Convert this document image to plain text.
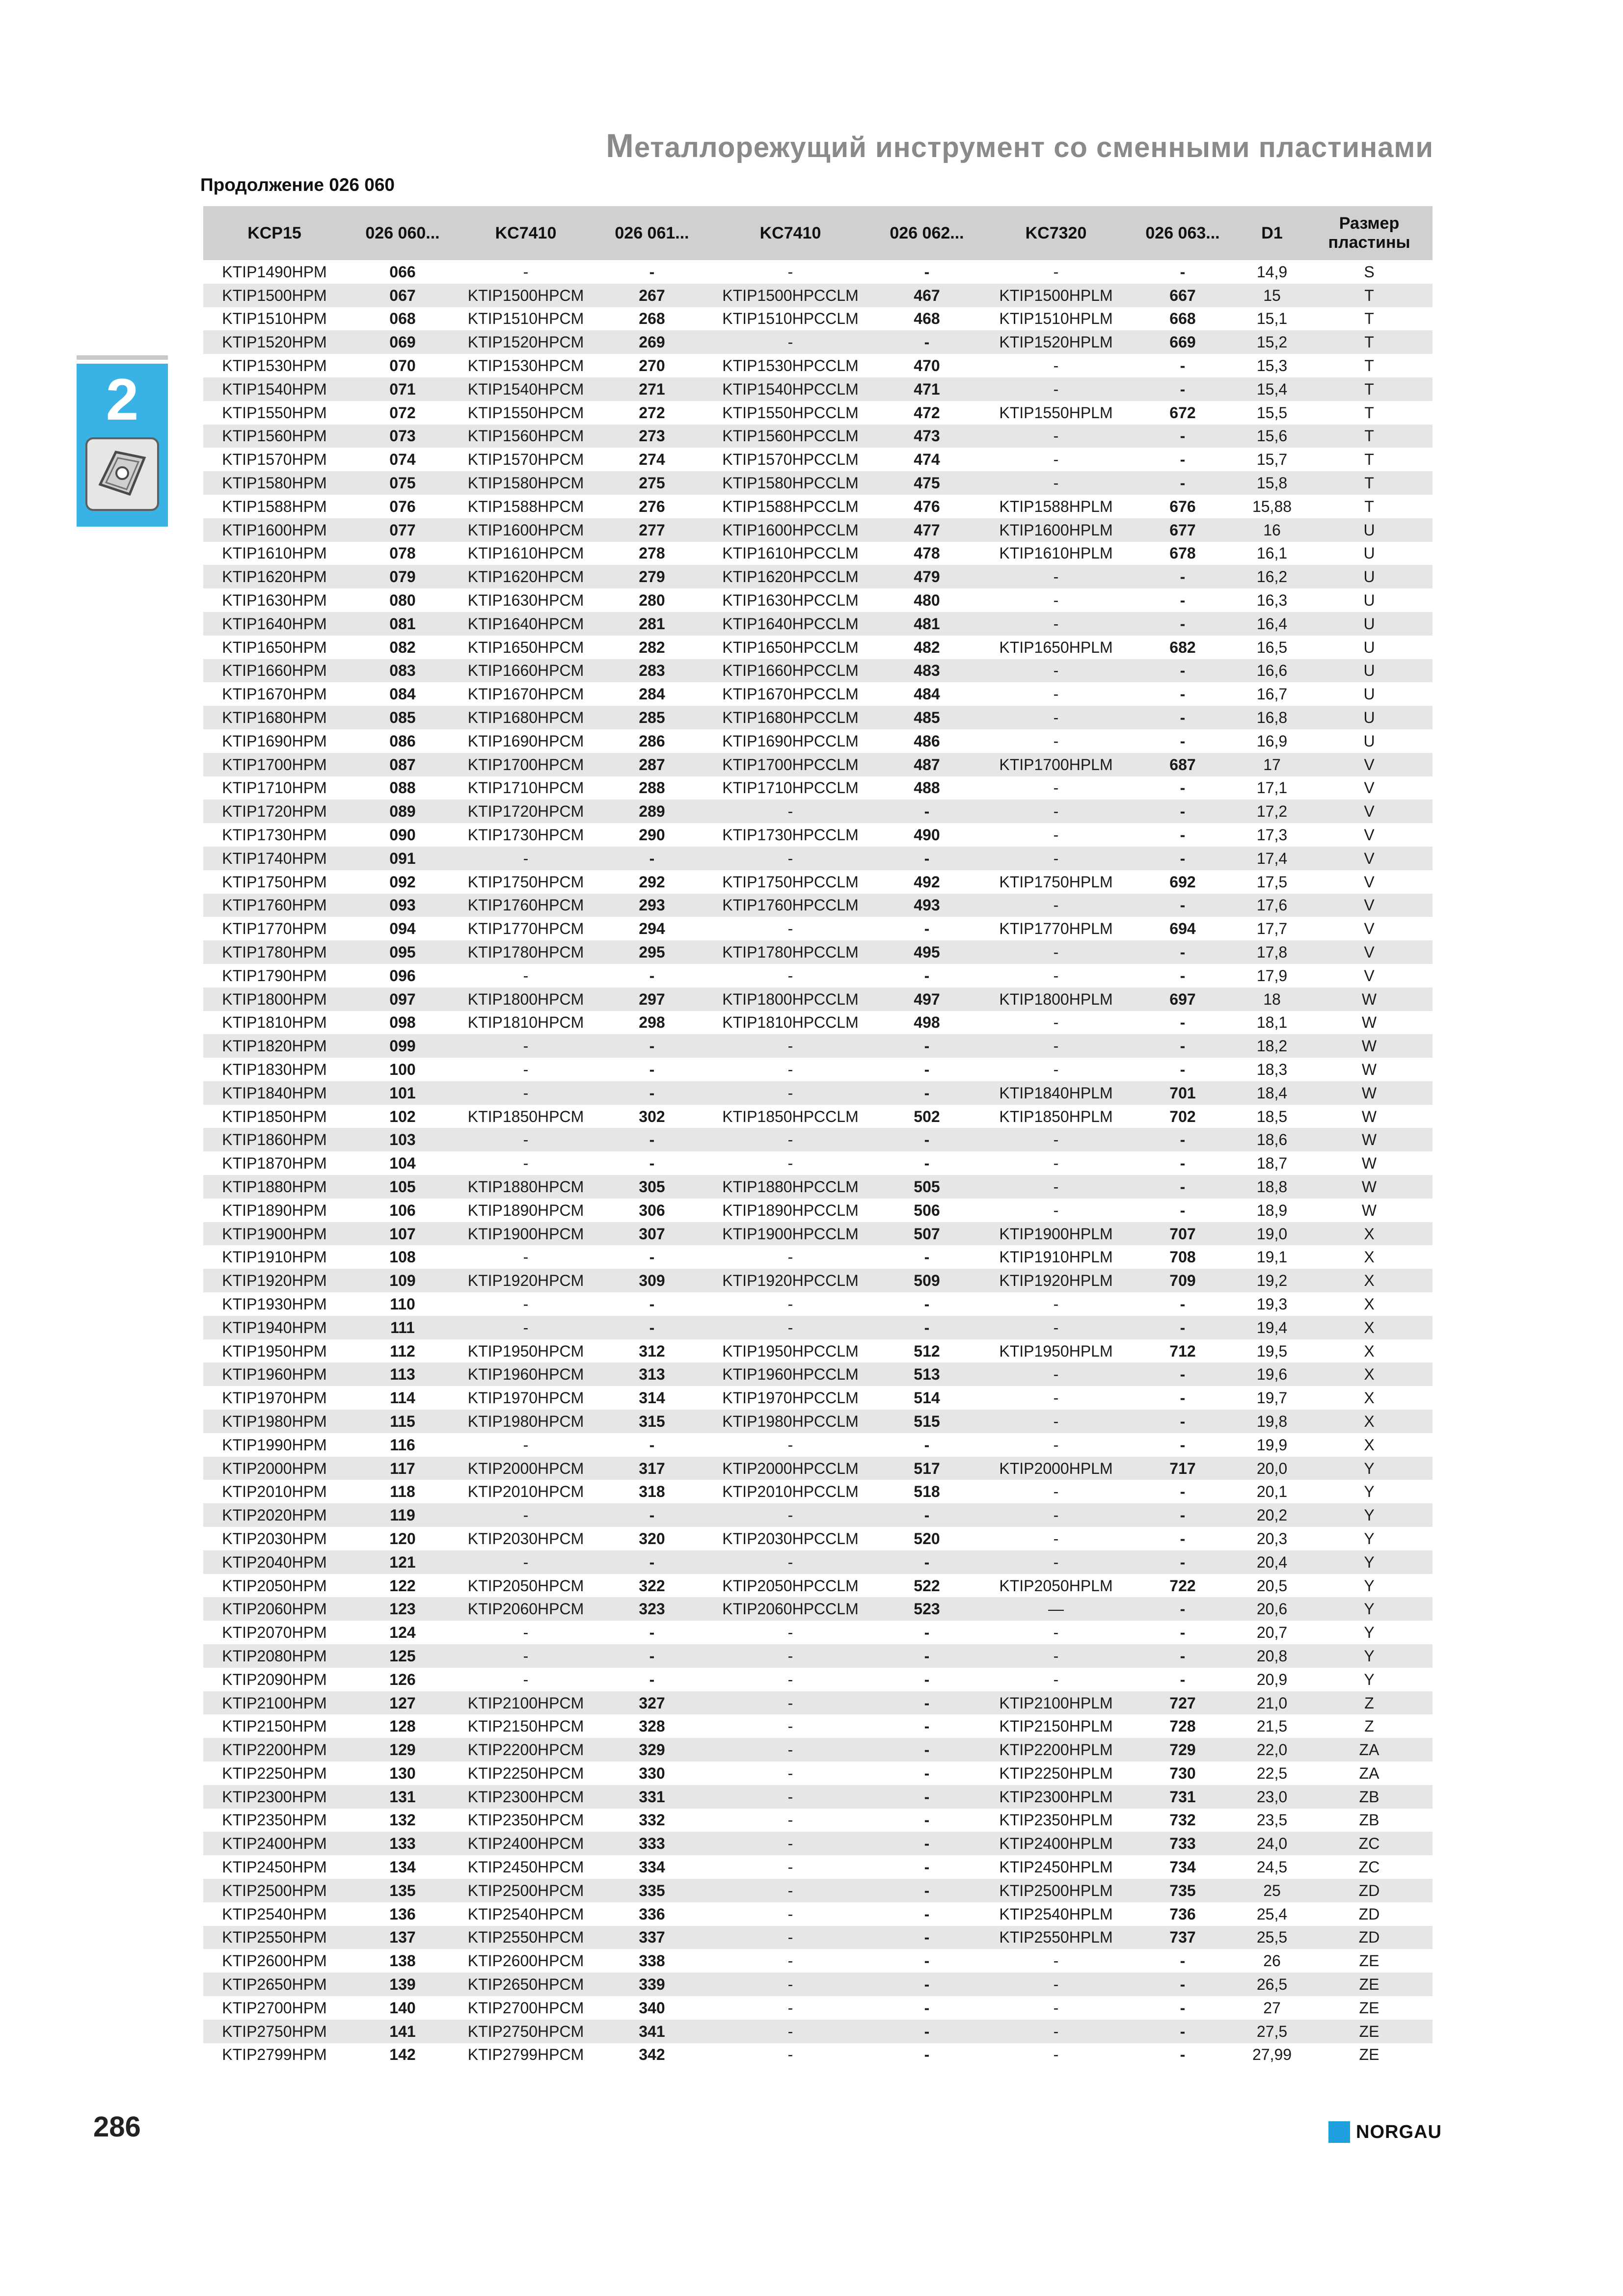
Металлорежущий инструмент со сменными пластинами
Продолжение 026 060
2
KCP15	026 060...	KC7410	026 061...	KC7410	026 062...	KC7320	026 063...	D1	Размер пластины
KTIP1490HPM	066	-	-	-	-	-	-	14,9	S
KTIP1500HPM	067	KTIP1500HPCM	267	KTIP1500HPCCLM	467	KTIP1500HPLM	667	15	T
KTIP1510HPM	068	KTIP1510HPCM	268	KTIP1510HPCCLM	468	KTIP1510HPLM	668	15,1	T
KTIP1520HPM	069	KTIP1520HPCM	269	-	-	KTIP1520HPLM	669	15,2	T
KTIP1530HPM	070	KTIP1530HPCM	270	KTIP1530HPCCLM	470	-	-	15,3	T
KTIP1540HPM	071	KTIP1540HPCM	271	KTIP1540HPCCLM	471	-	-	15,4	T
KTIP1550HPM	072	KTIP1550HPCM	272	KTIP1550HPCCLM	472	KTIP1550HPLM	672	15,5	T
KTIP1560HPM	073	KTIP1560HPCM	273	KTIP1560HPCCLM	473	-	-	15,6	T
KTIP1570HPM	074	KTIP1570HPCM	274	KTIP1570HPCCLM	474	-	-	15,7	T
KTIP1580HPM	075	KTIP1580HPCM	275	KTIP1580HPCCLM	475	-	-	15,8	T
KTIP1588HPM	076	KTIP1588HPCM	276	KTIP1588HPCCLM	476	KTIP1588HPLM	676	15,88	T
KTIP1600HPM	077	KTIP1600HPCM	277	KTIP1600HPCCLM	477	KTIP1600HPLM	677	16	U
KTIP1610HPM	078	KTIP1610HPCM	278	KTIP1610HPCCLM	478	KTIP1610HPLM	678	16,1	U
KTIP1620HPM	079	KTIP1620HPCM	279	KTIP1620HPCCLM	479	-	-	16,2	U
KTIP1630HPM	080	KTIP1630HPCM	280	KTIP1630HPCCLM	480	-	-	16,3	U
KTIP1640HPM	081	KTIP1640HPCM	281	KTIP1640HPCCLM	481	-	-	16,4	U
KTIP1650HPM	082	KTIP1650HPCM	282	KTIP1650HPCCLM	482	KTIP1650HPLM	682	16,5	U
KTIP1660HPM	083	KTIP1660HPCM	283	KTIP1660HPCCLM	483	-	-	16,6	U
KTIP1670HPM	084	KTIP1670HPCM	284	KTIP1670HPCCLM	484	-	-	16,7	U
KTIP1680HPM	085	KTIP1680HPCM	285	KTIP1680HPCCLM	485	-	-	16,8	U
KTIP1690HPM	086	KTIP1690HPCM	286	KTIP1690HPCCLM	486	-	-	16,9	U
KTIP1700HPM	087	KTIP1700HPCM	287	KTIP1700HPCCLM	487	KTIP1700HPLM	687	17	V
KTIP1710HPM	088	KTIP1710HPCM	288	KTIP1710HPCCLM	488	-	-	17,1	V
KTIP1720HPM	089	KTIP1720HPCM	289	-	-	-	-	17,2	V
KTIP1730HPM	090	KTIP1730HPCM	290	KTIP1730HPCCLM	490	-	-	17,3	V
KTIP1740HPM	091	-	-	-	-	-	-	17,4	V
KTIP1750HPM	092	KTIP1750HPCM	292	KTIP1750HPCCLM	492	KTIP1750HPLM	692	17,5	V
KTIP1760HPM	093	KTIP1760HPCM	293	KTIP1760HPCCLM	493	-	-	17,6	V
KTIP1770HPM	094	KTIP1770HPCM	294	-	-	KTIP1770HPLM	694	17,7	V
KTIP1780HPM	095	KTIP1780HPCM	295	KTIP1780HPCCLM	495	-	-	17,8	V
KTIP1790HPM	096	-	-	-	-	-	-	17,9	V
KTIP1800HPM	097	KTIP1800HPCM	297	KTIP1800HPCCLM	497	KTIP1800HPLM	697	18	W
KTIP1810HPM	098	KTIP1810HPCM	298	KTIP1810HPCCLM	498	-	-	18,1	W
KTIP1820HPM	099	-	-	-	-	-	-	18,2	W
KTIP1830HPM	100	-	-	-	-	-	-	18,3	W
KTIP1840HPM	101	-	-	-	-	KTIP1840HPLM	701	18,4	W
KTIP1850HPM	102	KTIP1850HPCM	302	KTIP1850HPCCLM	502	KTIP1850HPLM	702	18,5	W
KTIP1860HPM	103	-	-	-	-	-	-	18,6	W
KTIP1870HPM	104	-	-	-	-	-	-	18,7	W
KTIP1880HPM	105	KTIP1880HPCM	305	KTIP1880HPCCLM	505	-	-	18,8	W
KTIP1890HPM	106	KTIP1890HPCM	306	KTIP1890HPCCLM	506	-	-	18,9	W
KTIP1900HPM	107	KTIP1900HPCM	307	KTIP1900HPCCLM	507	KTIP1900HPLM	707	19,0	X
KTIP1910HPM	108	-	-	-	-	KTIP1910HPLM	708	19,1	X
KTIP1920HPM	109	KTIP1920HPCM	309	KTIP1920HPCCLM	509	KTIP1920HPLM	709	19,2	X
KTIP1930HPM	110	-	-	-	-	-	-	19,3	X
KTIP1940HPM	111	-	-	-	-	-	-	19,4	X
KTIP1950HPM	112	KTIP1950HPCM	312	KTIP1950HPCCLM	512	KTIP1950HPLM	712	19,5	X
KTIP1960HPM	113	KTIP1960HPCM	313	KTIP1960HPCCLM	513	-	-	19,6	X
KTIP1970HPM	114	KTIP1970HPCM	314	KTIP1970HPCCLM	514	-	-	19,7	X
KTIP1980HPM	115	KTIP1980HPCM	315	KTIP1980HPCCLM	515	-	-	19,8	X
KTIP1990HPM	116	-	-	-	-	-	-	19,9	X
KTIP2000HPM	117	KTIP2000HPCM	317	KTIP2000HPCCLM	517	KTIP2000HPLM	717	20,0	Y
KTIP2010HPM	118	KTIP2010HPCM	318	KTIP2010HPCCLM	518	-	-	20,1	Y
KTIP2020HPM	119	-	-	-	-	-	-	20,2	Y
KTIP2030HPM	120	KTIP2030HPCM	320	KTIP2030HPCCLM	520	-	-	20,3	Y
KTIP2040HPM	121	-	-	-	-	-	-	20,4	Y
KTIP2050HPM	122	KTIP2050HPCM	322	KTIP2050HPCCLM	522	KTIP2050HPLM	722	20,5	Y
KTIP2060HPM	123	KTIP2060HPCM	323	KTIP2060HPCCLM	523	—	-	20,6	Y
KTIP2070HPM	124	-	-	-	-	-	-	20,7	Y
KTIP2080HPM	125	-	-	-	-	-	-	20,8	Y
KTIP2090HPM	126	-	-	-	-	-	-	20,9	Y
KTIP2100HPM	127	KTIP2100HPCM	327	-	-	KTIP2100HPLM	727	21,0	Z
KTIP2150HPM	128	KTIP2150HPCM	328	-	-	KTIP2150HPLM	728	21,5	Z
KTIP2200HPM	129	KTIP2200HPCM	329	-	-	KTIP2200HPLM	729	22,0	ZA
KTIP2250HPM	130	KTIP2250HPCM	330	-	-	KTIP2250HPLM	730	22,5	ZA
KTIP2300HPM	131	KTIP2300HPCM	331	-	-	KTIP2300HPLM	731	23,0	ZB
KTIP2350HPM	132	KTIP2350HPCM	332	-	-	KTIP2350HPLM	732	23,5	ZB
KTIP2400HPM	133	KTIP2400HPCM	333	-	-	KTIP2400HPLM	733	24,0	ZC
KTIP2450HPM	134	KTIP2450HPCM	334	-	-	KTIP2450HPLM	734	24,5	ZC
KTIP2500HPM	135	KTIP2500HPCM	335	-	-	KTIP2500HPLM	735	25	ZD
KTIP2540HPM	136	KTIP2540HPCM	336	-	-	KTIP2540HPLM	736	25,4	ZD
KTIP2550HPM	137	KTIP2550HPCM	337	-	-	KTIP2550HPLM	737	25,5	ZD
KTIP2600HPM	138	KTIP2600HPCM	338	-	-	-	-	26	ZE
KTIP2650HPM	139	KTIP2650HPCM	339	-	-	-	-	26,5	ZE
KTIP2700HPM	140	KTIP2700HPCM	340	-	-	-	-	27	ZE
KTIP2750HPM	141	KTIP2750HPCM	341	-	-	-	-	27,5	ZE
KTIP2799HPM	142	KTIP2799HPCM	342	-	-	-	-	27,99	ZE
286	NORGAU
